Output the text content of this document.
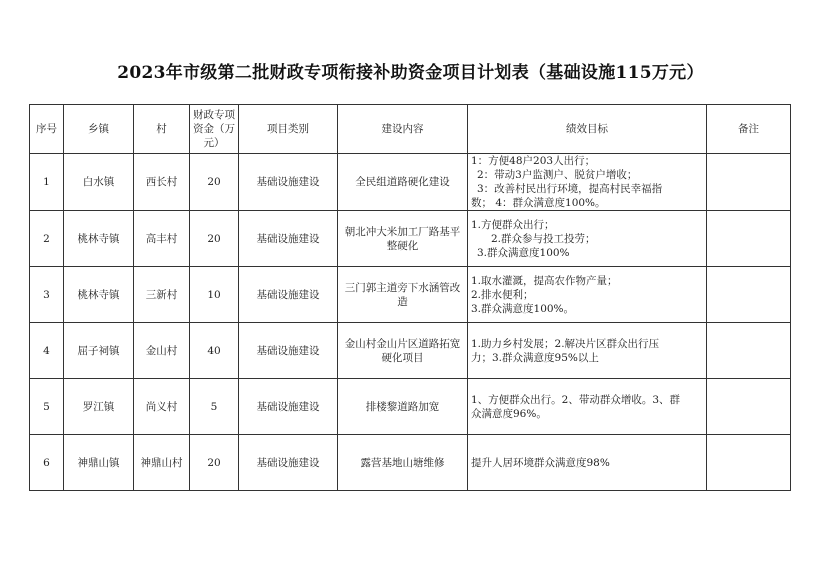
2023年市级第二批财政专项衔接补助资金项目计划表（基础设施115万元）
序号	乡镇	村	财政专项资金（万元）	项目类别	建设内容	绩效目标	备注
1	白水镇	西长村	20	基础设施建设	全民组道路硬化建设	1：方便48户203人出行；
2：带动3户监测户、脱贫户增收；
3：改善村民出行环境，提高村民幸福指
数； 4：群众满意度100%。	

2	桃林寺镇	高丰村	20	基础设施建设	朝北冲大米加工厂路基平整硬化	1.方便群众出行；
2.群众参与投工投劳；
3.群众满意度100%	

3	桃林寺镇	三新村	10	基础设施建设	三门郭主道旁下水涵管改造	1.取水灌溉，提高农作物产量；
2.排水便利；
3.群众满意度100%。	

4	屈子祠镇	金山村	40	基础设施建设	金山村金山片区道路拓宽硬化项目	1.助力乡村发展；2.解决片区群众出行压
力；3.群众满意度95%以上	

5	罗江镇	尚义村	5	基础设施建设	排楼黎道路加宽	1、方便群众出行。2、带动群众增收。3、群
众满意度96%。	

6	神鼎山镇	神鼎山村	20	基础设施建设	露营基地山塘维修	提升人居环境群众满意度98%	
